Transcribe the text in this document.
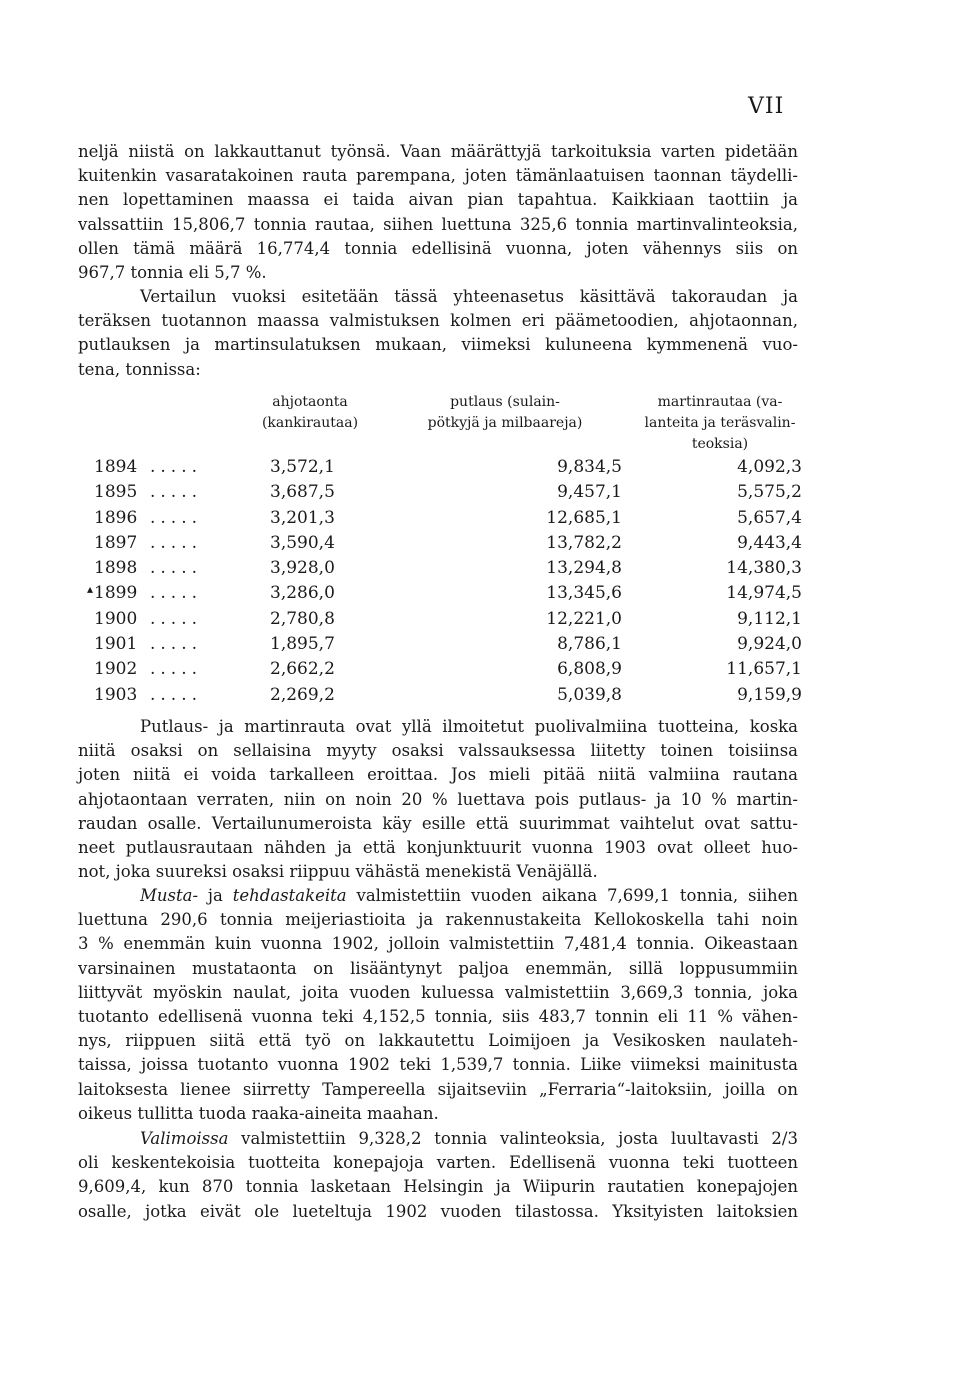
VII

neljä niistä on lakkauttanut työnsä. Vaan määrättyjä tarkoituksia varten pidetään
kuitenkin vasaratakoinen rauta parempana, joten tämänlaatuisen taonnan täydelli-
nen lopettaminen maassa ei taida aivan pian tapahtua. Kaikkiaan taottiin ja
valssattiin 15,806,7 tonnia rautaa, siihen luettuna 325,6 tonnia martinvalinteoksia,
ollen tämä määrä 16,774,4 tonnia edellisinä vuonna, joten vähennys siis on
967,7 tonnia eli 5,7 %.

Vertailun vuoksi esitetään tässä yhteenasetus käsittävä takoraudan ja
teräksen tuotannon maassa valmistuksen kolmen eri päämetoodien, ahjotaonnan,
putlauksen ja martinsulatuksen mukaan, viimeksi kuluneena kymmenenä vuo-
tena, tonnissa:

ahjotaonta
(kankirautaa)
putlaus (sulain-
pötkyjä ja milbaareja)
martinrautaa (va-
lanteita ja teräsvalin-
teoksia)
1894	.....	3,572,1	9,834,5	4,092,3
1895	.....	3,687,5	9,457,1	5,575,2
1896	.....	3,201,3	12,685,1	5,657,4
1897	.....	3,590,4	13,782,2	9,443,4
1898	.....	3,928,0	13,294,8	14,380,3
1899	.....	3,286,0	13,345,6	14,974,5
1900	.....	2,780,8	12,221,0	9,112,1
1901	.....	1,895,7	8,786,1	9,924,0
1902	.....	2,662,2	6,808,9	11,657,1
1903	.....	2,269,2	5,039,8	9,159,9
▴

Putlaus- ja martinrauta ovat yllä ilmoitetut puolivalmiina tuotteina, koska
niitä osaksi on sellaisina myyty osaksi valssauksessa liitetty toinen toisiinsa
joten niitä ei voida tarkalleen eroittaa. Jos mieli pitää niitä valmiina rautana
ahjotaontaan verraten, niin on noin 20 % luettava pois putlaus- ja 10 % martin-
raudan osalle. Vertailunumeroista käy esille että suurimmat vaihtelut ovat sattu-
neet putlausrautaan nähden ja että konjunktuurit vuonna 1903 ovat olleet huo-
not, joka suureksi osaksi riippuu vähästä menekistä Venäjällä.

Musta- ja tehdastakeita valmistettiin vuoden aikana 7,699,1 tonnia, siihen
luettuna 290,6 tonnia meijeriastioita ja rakennustakeita Kellokoskella tahi noin
3 % enemmän kuin vuonna 1902, jolloin valmistettiin 7,481,4 tonnia. Oikeastaan
varsinainen mustataonta on lisääntynyt paljoa enemmän, sillä loppusummiin
liittyvät myöskin naulat, joita vuoden kuluessa valmistettiin 3,669,3 tonnia, joka
tuotanto edellisenä vuonna teki 4,152,5 tonnia, siis 483,7 tonnin eli 11 % vähen-
nys, riippuen siitä että työ on lakkautettu Loimijoen ja Vesikosken naulateh-
taissa, joissa tuotanto vuonna 1902 teki 1,539,7 tonnia. Liike viimeksi mainitusta
laitoksesta lienee siirretty Tampereella sijaitseviin „Ferraria“-laitoksiin, joilla on
oikeus tullitta tuoda raaka-aineita maahan.

Valimoissa valmistettiin 9,328,2 tonnia valinteoksia, josta luultavasti 2/3
oli keskentekoisia tuotteita konepajoja varten. Edellisenä vuonna teki tuotteen
9,609,4, kun 870 tonnia lasketaan Helsingin ja Wiipurin rautatien konepajojen
osalle, jotka eivät ole lueteltuja 1902 vuoden tilastossa. Yksityisten laitoksien
